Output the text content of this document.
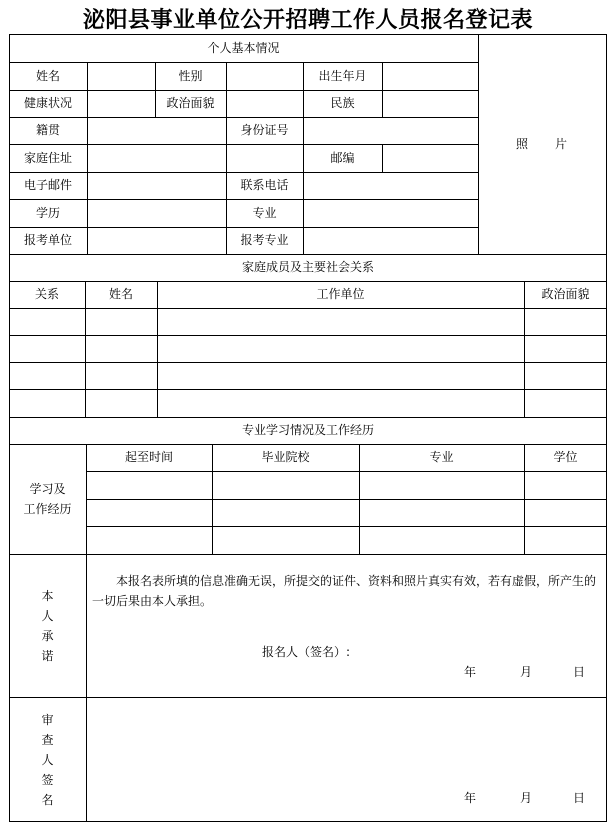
泌阳县事业单位公开招聘工作人员报名登记表
个人基本情况
姓名	性别	出生年月
健康状况	政治面貌	民族
籍贯	身份证号
家庭住址	邮编
电子邮件	联系电话
学历	专业
报考单位	报考专业
照　　片
家庭成员及主要社会关系
关系	姓名	工作单位	政治面貌
专业学习情况及工作经历
学习及
工作经历
起至时间	毕业院校	专业	学位
本
人
承
诺
本报名表所填的信息准确无误，所提交的证件、资料和照片真实有效，若有虚假，所产生的
一切后果由本人承担。
报名人（签名）:
年	月	日
审
查
人
签
名	年	月	日
